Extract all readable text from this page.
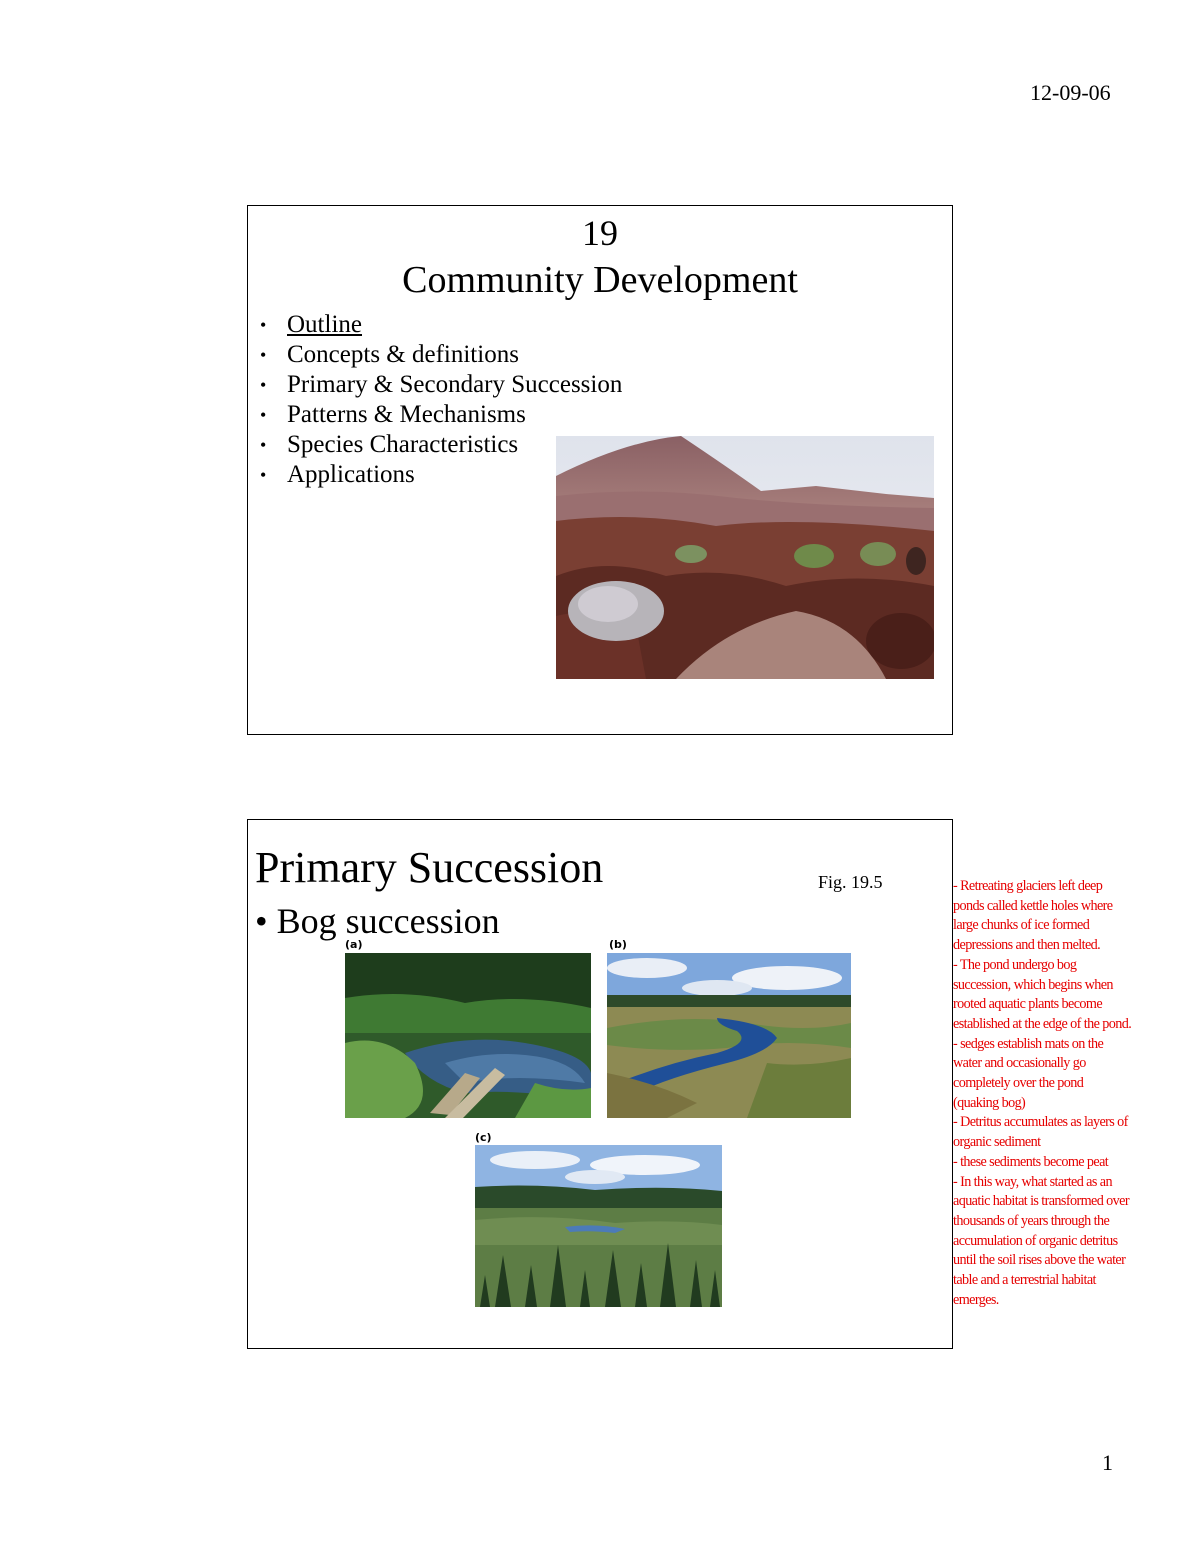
12-09-06
19
Community Development
• Outline
• Concepts & definitions
• Primary & Secondary Succession
• Patterns & Mechanisms
• Species Characteristics
• Applications
Primary Succession
• Bog succession
Fig. 19.5
(a)	(b)
(c)
- Retreating glaciers left deep
ponds called kettle holes where
large chunks of ice formed
depressions and then melted.
- The pond undergo bog
succession, which begins when
rooted aquatic plants become
established at the edge of the pond.
- sedges establish mats on the
water and occasionally go
completely over the pond
(quaking bog)
- Detritus accumulates as layers of
organic sediment
- these sediments become peat
- In this way, what started as an
aquatic habitat is transformed over
thousands of years through the
accumulation of organic detritus
until the soil rises above the water
table and a terrestrial habitat
emerges.
1
